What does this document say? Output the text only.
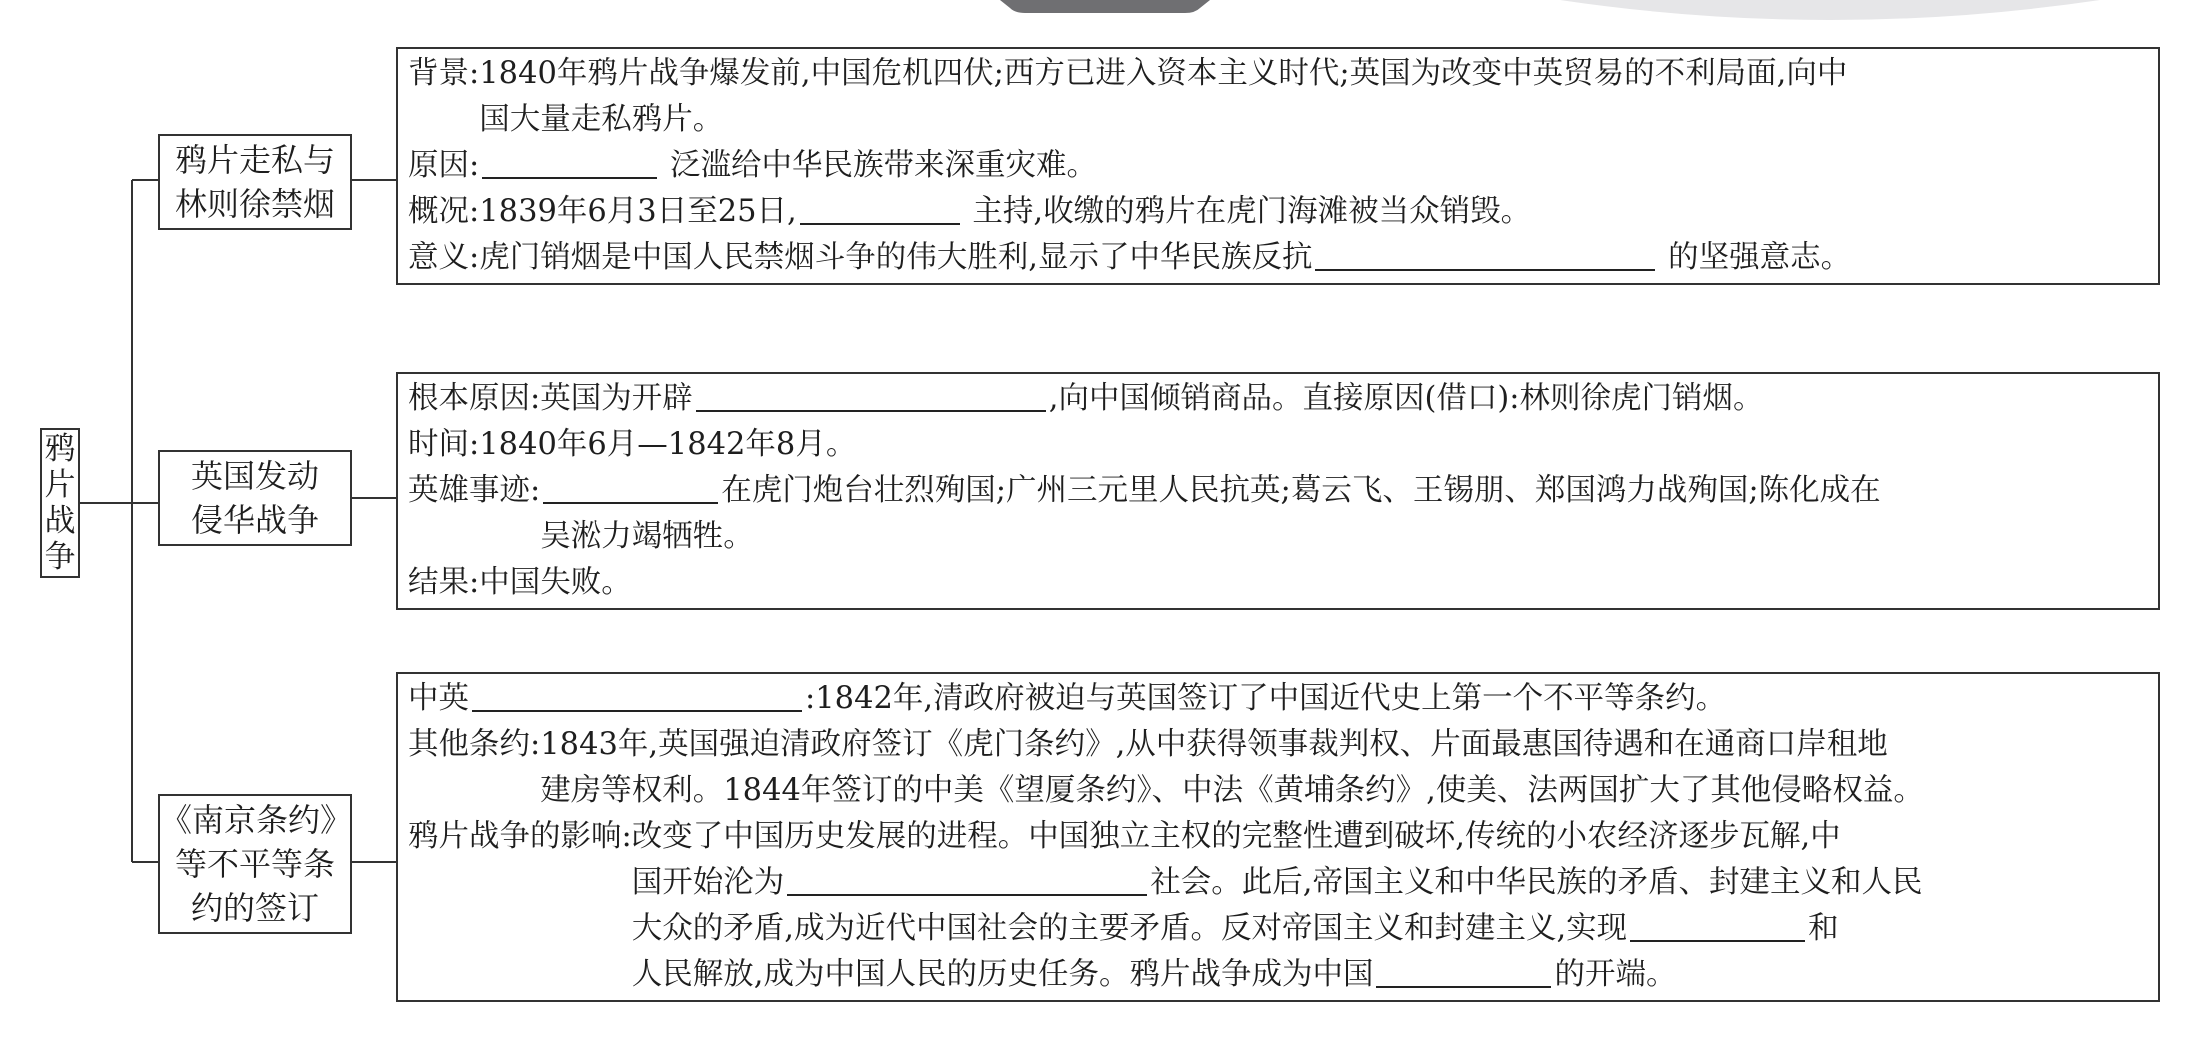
鸦片战争
鸦片走私与
林则徐禁烟
英国发动
侵华战争
《南京条约》
等不平等条
约的签订
背景: 1840年鸦片战争爆发前,中国危机四伏;西方已进入资本主义时代;英国为改变中英贸易的不利局面,向中
国大量走私鸦片。
原因:	泛滥给中华民族带来深重灾难。
概况: 1839年6月3日至25日,	主持,收缴的鸦片在虎门海滩被当众销毁。
意义: 虎门销烟是中国人民禁烟斗争的伟大胜利,显示了中华民族反抗	的坚强意志。
根本原因: 英国为开辟	,向中国倾销商品。直接原因(借口):林则徐虎门销烟。
时间: 1840年6月—1842年8月。
英雄事迹:	在虎门炮台壮烈殉国;广州三元里人民抗英;葛云飞、王锡朋、郑国鸿力战殉国;陈化成在
吴淞力竭牺牲。
结果: 中国失败。
中英	:1842年,清政府被迫与英国签订了中国近代史上第一个不平等条约。
其他条约: 1843年,英国强迫清政府签订《虎门条约》,从中获得领事裁判权、片面最惠国待遇和在通商口岸租地
建房等权利。1844年签订的中美《望厦条约》、中法《黄埔条约》,使美、法两国扩大了其他侵略权益。
鸦片战争的影响: 改变了中国历史发展的进程。中国独立主权的完整性遭到破坏,传统的小农经济逐步瓦解,中
国开始沦为	社会。此后,帝国主义和中华民族的矛盾、封建主义和人民
大众的矛盾,成为近代中国社会的主要矛盾。反对帝国主义和封建主义,实现	和
人民解放,成为中国人民的历史任务。鸦片战争成为中国	的开端。
